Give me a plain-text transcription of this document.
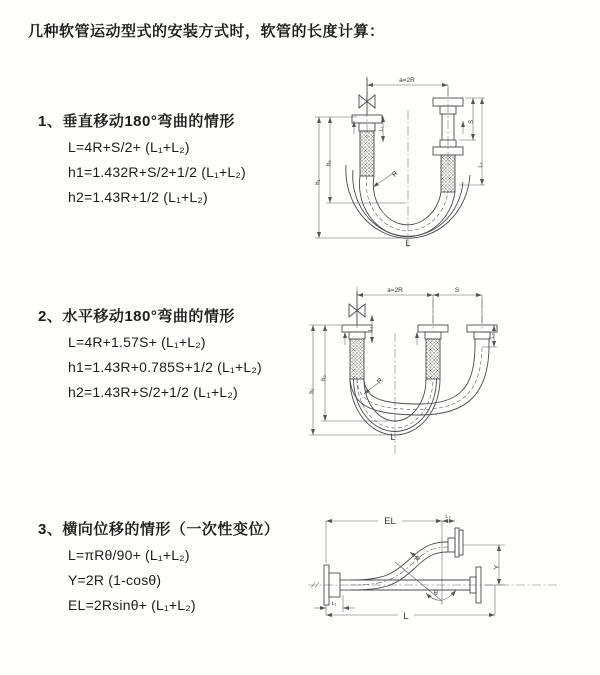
几种软管运动型式的安装方式时，软管的长度计算：
1、垂直移动180°弯曲的情形
L=4R+S/2+ (L₁+L₂)
h1=1.432R+S/2+1/2 (L₁+L₂)
h2=1.43R+1/2 (L₁+L₂)
a=2R
h₁
h₂
L₁
S
L₂
R
L
2、水平移动180°弯曲的情形
L=4R+1.57S+ (L₁+L₂)
h1=1.43R+0.785S+1/2 (L₁+L₂)
h2=1.43R+S/2+1/2 (L₁+L₂)
a=2R	S
h₁
h₂
L₁
L₂
R
L
3、横向位移的情形（一次性变位）
L=πRθ/90+ (L₁+L₂)
Y=2R (1-cosθ)
EL=2Rsinθ+ (L₁+L₂)
EL	L₂
Y
R
θ
L
L₁
